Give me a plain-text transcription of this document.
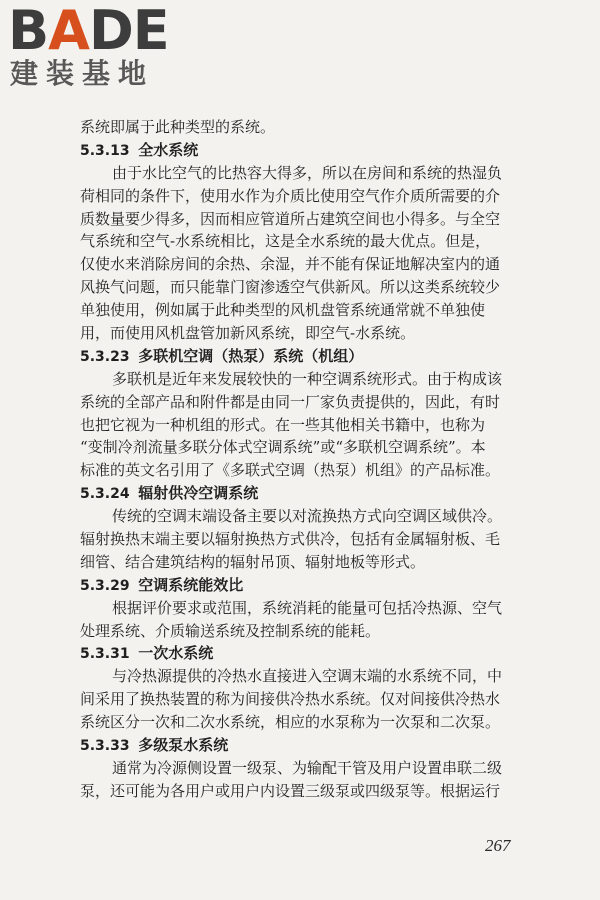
BADE
建装基地
系统即属于此种类型的系统。
5.3.13 全水系统
由于水比空气的比热容大得多，所以在房间和系统的热湿负
荷相同的条件下，使用水作为介质比使用空气作介质所需要的介
质数量要少得多，因而相应管道所占建筑空间也小得多。与全空
气系统和空气-水系统相比，这是全水系统的最大优点。但是，
仅使水来消除房间的余热、余湿，并不能有保证地解决室内的通
风换气问题，而只能靠门窗渗透空气供新风。所以这类系统较少
单独使用，例如属于此种类型的风机盘管系统通常就不单独使
用，而使用风机盘管加新风系统，即空气-水系统。
5.3.23 多联机空调（热泵）系统（机组）
多联机是近年来发展较快的一种空调系统形式。由于构成该
系统的全部产品和附件都是由同一厂家负责提供的，因此，有时
也把它视为一种机组的形式。在一些其他相关书籍中，也称为
“变制冷剂流量多联分体式空调系统”或“多联机空调系统”。本
标准的英文名引用了《多联式空调（热泵）机组》的产品标准。
5.3.24 辐射供冷空调系统
传统的空调末端设备主要以对流换热方式向空调区域供冷。
辐射换热末端主要以辐射换热方式供冷，包括有金属辐射板、毛
细管、结合建筑结构的辐射吊顶、辐射地板等形式。
5.3.29 空调系统能效比
根据评价要求或范围，系统消耗的能量可包括冷热源、空气
处理系统、介质输送系统及控制系统的能耗。
5.3.31 一次水系统
与冷热源提供的冷热水直接进入空调末端的水系统不同，中
间采用了换热装置的称为间接供冷热水系统。仅对间接供冷热水
系统区分一次和二次水系统，相应的水泵称为一次泵和二次泵。
5.3.33 多级泵水系统
通常为冷源侧设置一级泵、为输配干管及用户设置串联二级
泵，还可能为各用户或用户内设置三级泵或四级泵等。根据运行
267
